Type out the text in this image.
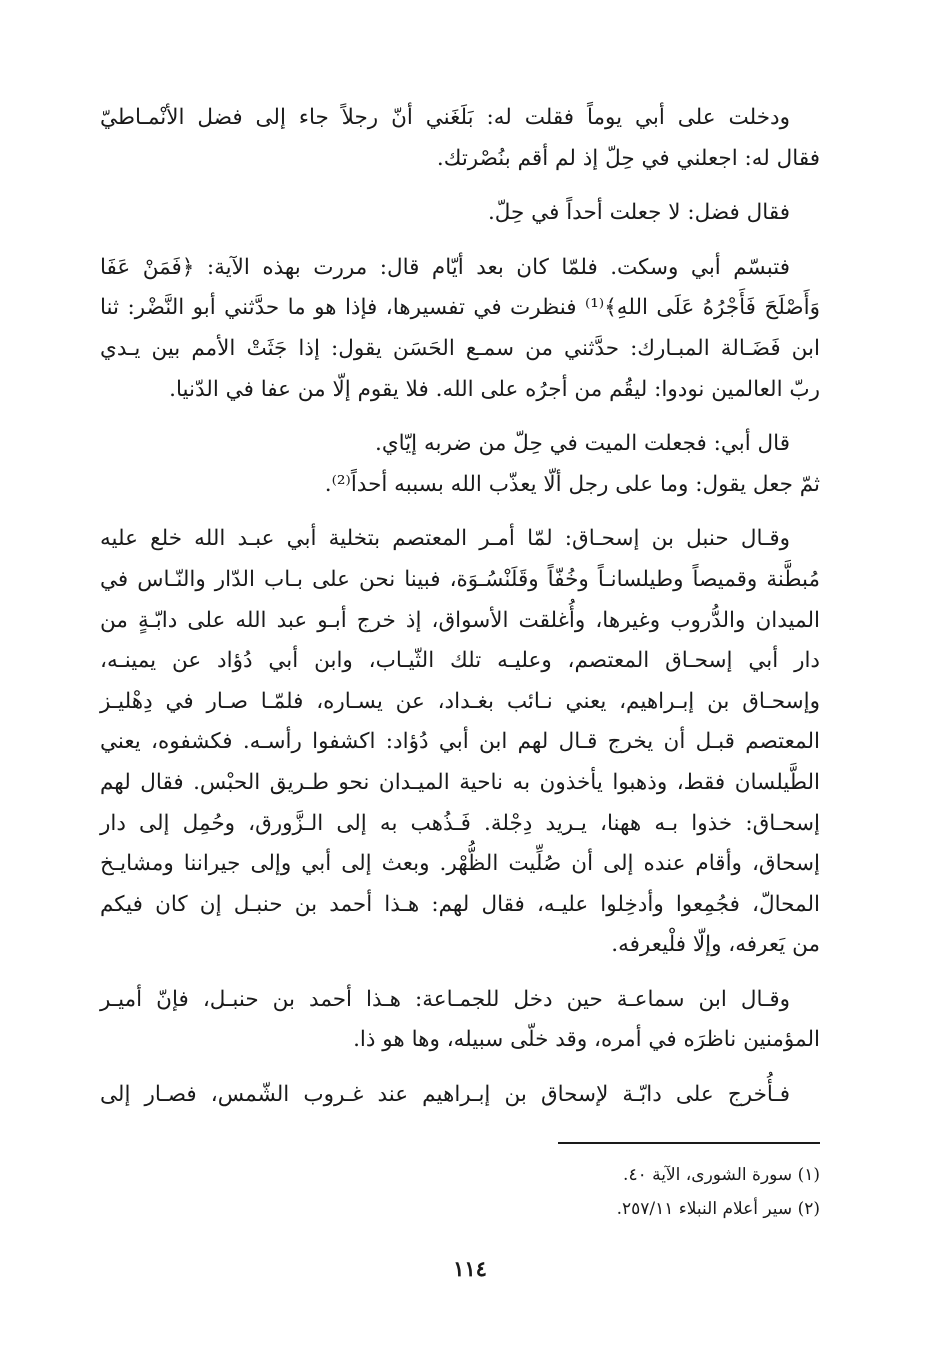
ودخلت على أبي يوماً فقلت له: بَلَغَني أنّ رجلاً جاء إلى فضل الأنْمـاطيّ
فقال له: اجعلني في حِلّ إذ لم أقم بنُصْرتك.

فقال فضل: لا جعلت أحداً في حِلّ.

فتبسّم أبي وسكت. فلمّا كان بعد أيّام قال: مررت بهذه الآية: ﴿فَمَنْ عَفَا
وَأَصْلَحَ فَأَجْرُهُ عَلَى اللهِ﴾⁽¹⁾ فنظرت في تفسيرها، فإذا هو ما حدَّثني أبو النَّضْر: ثنا
ابن فَضَـالة المبـارك: حدَّثني من سمـع الحَسَن يقول: إذا جَثَتْ الأمم بين يـدي
ربّ العالمين نودوا: ليقُم من أجرُه على الله. فلا يقوم إلّا من عفا في الدّنيا.

قال أبي: فجعلت الميت في حِلّ من ضربه إيّاي.
ثمّ جعل يقول: وما على رجل ألّا يعذّب الله بسببه أحداً⁽²⁾.

وقـال حنبل بن إسحـاق: لمّا أمـر المعتصم بتخلية أبي عبـد الله خلع عليه
مُبطَّنة وقميصاً وطيلسانـاً وخُفّاً وقَلَنْسُـوَة، فبينا نحن على بـاب الدّار والنّـاس في
الميدان والدُّروب وغيرها، وأُغلقت الأسواق، إذ خرج أبـو عبد الله على دابّـةٍ من
دار أبي إسحـاق المعتصم، وعليـه تلك الثّيـاب، وابن أبي دُؤاد عن يمينـه،
وإسحـاق بن إبـراهيم، يعني نـائب بغـداد، عن يسـاره، فلمّـا صـار في دِهْليـز
المعتصم قبـل أن يخرج قـال لهم ابن أبي دُؤاد: اكشفوا رأسـه. فكشفوه، يعني
الطَّيلسان فقط، وذهبوا يأخذون به ناحية الميـدان نحو طـريق الحبْس. فقال لهم
إسحـاق: خذوا بـه ههنا، يـريد دِجْلة. فَـذُهب به إلى الـزَّورق، وحُمِل إلى دار
إسحاق، وأقام عنده إلى أن صُلِّيت الظُّهْر. وبعث إلى أبي وإلى جيراننا ومشايـخ
المحالّ، فجُمِعوا وأدخِلوا عليـه، فقال لهم: هـذا أحمد بن حنبـل إن كان فيكم
من يَعرفه، وإلّا فلْيعرفه.

وقـال ابن سماعـة حين دخل للجمـاعة: هـذا أحمد بن حنبـل، فإنّ أميـر
المؤمنين ناظرَه في أمره، وقد خلّى سبيله، وها هو ذا.

فـأُخرج على دابّـة لإسحاق بن إبـراهيم عند غـروب الشّمس، فصـار إلى

(١) سورة الشورى، الآية ٤٠.
(٢) سير أعلام النبلاء ٢٥٧/١١.
١١٤
